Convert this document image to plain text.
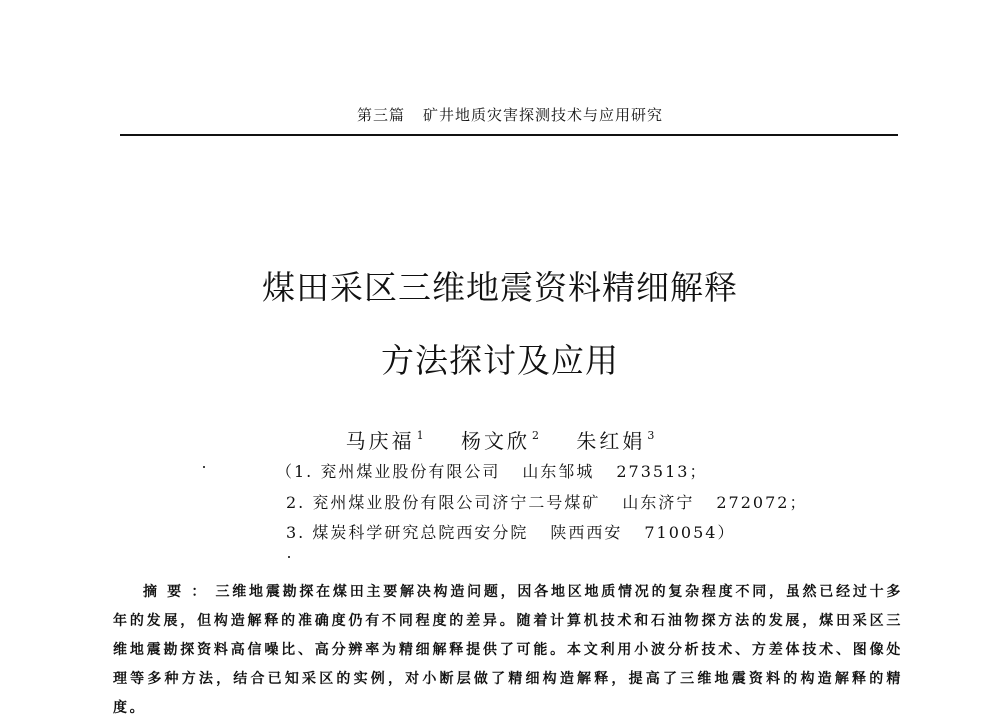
第三篇 矿井地质灾害探测技术与应用研究
煤田采区三维地震资料精细解释
方法探讨及应用
马庆福 $^1$ 杨文欣 $^2$ 朱红娟 $^3$
（1. 兖州煤业股份有限公司 山东邹城 273513；
2. 兖州煤业股份有限公司济宁二号煤矿 山东济宁 272072；
3. 煤炭科学研究总院西安分院 陕西西安 710054）
摘要：三维地震勘探在煤田主要解决构造问题，因各地区地质情况的复杂程度不同，虽然已经过十多年的发展，但构造解释的准确度仍有不同程度的差异。随着计算机技术和石油物探方法的发展，煤田采区三维地震勘探资料高信噪比、高分辨率为精细解释提供了可能。本文利用小波分析技术、方差体技术、图像处理等多种方法，结合已知采区的实例，对小断层做了精细构造解释，提高了三维地震资料的构造解释的精度。
